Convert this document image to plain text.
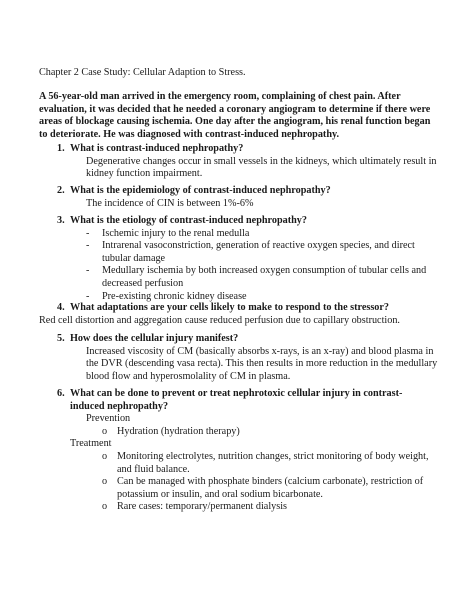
Chapter 2 Case Study: Cellular Adaption to Stress.
A 56-year-old man arrived in the emergency room, complaining of chest pain. After evaluation, it was decided that he needed a coronary angiogram to determine if there were areas of blockage causing ischemia. One day after the angiogram, his renal function began to deteriorate. He was diagnosed with contrast-induced nephropathy.
1. What is contrast-induced nephropathy?
Degenerative changes occur in small vessels in the kidneys, which ultimately result in kidney function impairment.
2. What is the epidemiology of contrast-induced nephropathy?
The incidence of CIN is between 1%-6%
3. What is the etiology of contrast-induced nephropathy?
- Ischemic injury to the renal medulla
- Intrarenal vasoconstriction, generation of reactive oxygen species, and direct tubular damage
- Medullary ischemia by both increased oxygen consumption of tubular cells and decreased perfusion
- Pre-existing chronic kidney disease
4. What adaptations are your cells likely to make to respond to the stressor?
Red cell distortion and aggregation cause reduced perfusion due to capillary obstruction.
5. How does the cellular injury manifest?
Increased viscosity of CM (basically absorbs x-rays, is an x-ray) and blood plasma in the DVR (descending vasa recta). This then results in more reduction in the medullary blood flow and hyperosmolality of CM in plasma.
6. What can be done to prevent or treat nephrotoxic cellular injury in contrast-induced nephropathy?
Prevention
o Hydration (hydration therapy)
Treatment
o Monitoring electrolytes, nutrition changes, strict monitoring of body weight, and fluid balance.
o Can be managed with phosphate binders (calcium carbonate), restriction of potassium or insulin, and oral sodium bicarbonate.
o Rare cases: temporary/permanent dialysis
